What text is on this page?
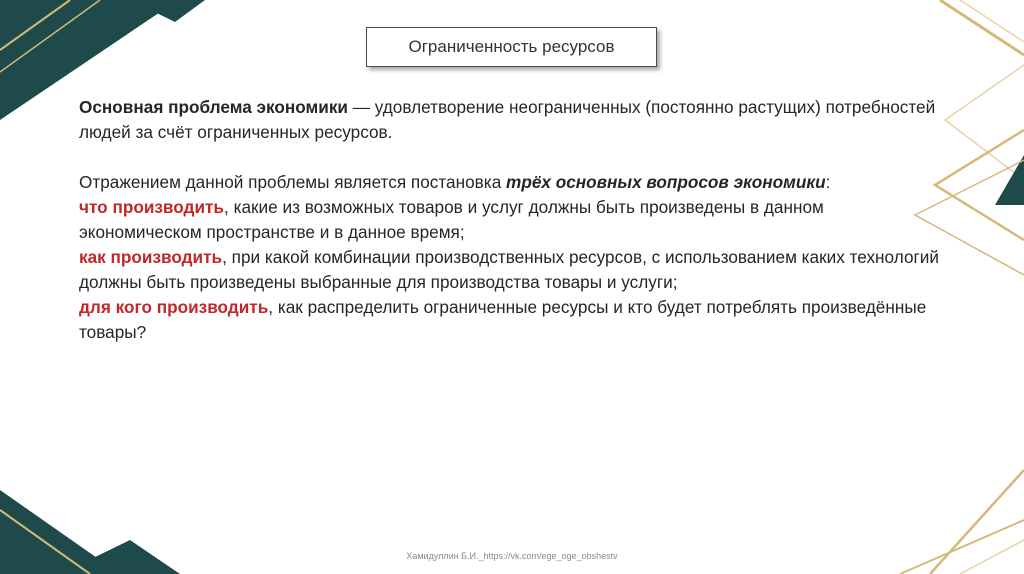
Ограниченность ресурсов

Основная проблема экономики — удовлетворение неограниченных (постоянно растущих) потребностей людей за счёт ограниченных ресурсов.

Отражением данной проблемы является постановка трёх основных вопросов экономики:

что производить, какие из возможных товаров и услуг должны быть произведены в данном экономическом пространстве и в данное время;

как производить, при какой комбинации производственных ресурсов, с использованием каких технологий должны быть произведены выбранные для производства товары и услуги;

для кого производить, как распределить ограниченные ресурсы и кто будет потреблять произведённые товары?

Хамидуллин Б.И._https://vk.com/ege_oge_obshestv
